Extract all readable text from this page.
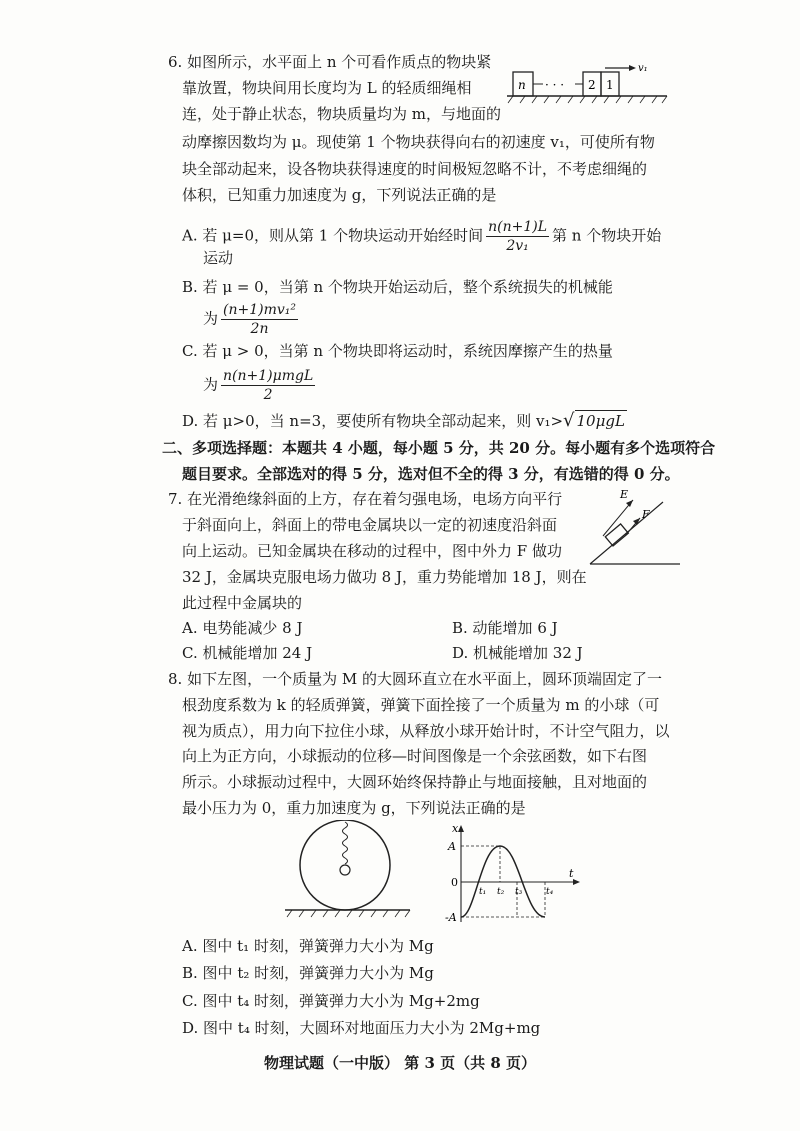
6. 如图所示，水平面上 n 个可看作质点的物块紧
靠放置，物块间用长度均为 L 的轻质细绳相
连，处于静止状态，物块质量均为 m，与地面的
动摩擦因数均为 μ。现使第 1 个物块获得向右的初速度 v₁，可使所有物
块全部动起来，设各物块获得速度的时间极短忽略不计，不考虑细绳的
体积，已知重力加速度为 g，下列说法正确的是
n · · · 2 1
v₁
A. 若 μ=0，则从第 1 个物块运动开始经时间 $\frac{n(n+1)L}{\text{2v₁}}$ 第 n 个物块开始
运动
B. 若 μ = 0，当第 n 个物块开始运动后，整个系统损失的机械能
为 $\frac{\text{(n+1)mv₁²}}{2n}$
C. 若 μ > 0，当第 n 个物块即将运动时，系统因摩擦产生的热量
为 $\frac{\text{n(n+1)μmgL}}{2}$
D. 若 μ>0，当 n=3，要使所有物块全部动起来，则 v₁> √ 10μgL
二、多项选择题：本题共 4 小题，每小题 5 分，共 20 分。每小题有多个选项符合
题目要求。全部选对的得 5 分，选对但不全的得 3 分，有选错的得 0 分。
7. 在光滑绝缘斜面的上方，存在着匀强电场，电场方向平行
于斜面向上，斜面上的带电金属块以一定的初速度沿斜面
向上运动。已知金属块在移动的过程中，图中外力 F 做功
32 J，金属块克服电场力做功 8 J，重力势能增加 18 J，则在
此过程中金属块的
F
E
A. 电势能减少 8 J	B. 动能增加 6 J
C. 机械能增加 24 J	D. 机械能增加 32 J
8. 如下左图，一个质量为 M 的大圆环直立在水平面上，圆环顶端固定了一
根劲度系数为 k 的轻质弹簧，弹簧下面拴接了一个质量为 m 的小球（可
视为质点），用力向下拉住小球，从释放小球开始计时，不计空气阻力，以
向上为正方向，小球振动的位移—时间图像是一个余弦函数，如下右图
所示。小球振动过程中，大圆环始终保持静止与地面接触，且对地面的
最小压力为 0，重力加速度为 g，下列说法正确的是
x
t
A
0
-A
t₁ t₂ t₃	t₄
A. 图中 t₁ 时刻，弹簧弹力大小为 Mg
B. 图中 t₂ 时刻，弹簧弹力大小为 Mg
C. 图中 t₄ 时刻，弹簧弹力大小为 Mg+2mg
D. 图中 t₄ 时刻，大圆环对地面压力大小为 2Mg+mg
物理试题（一中版） 第 3 页（共 8 页）
